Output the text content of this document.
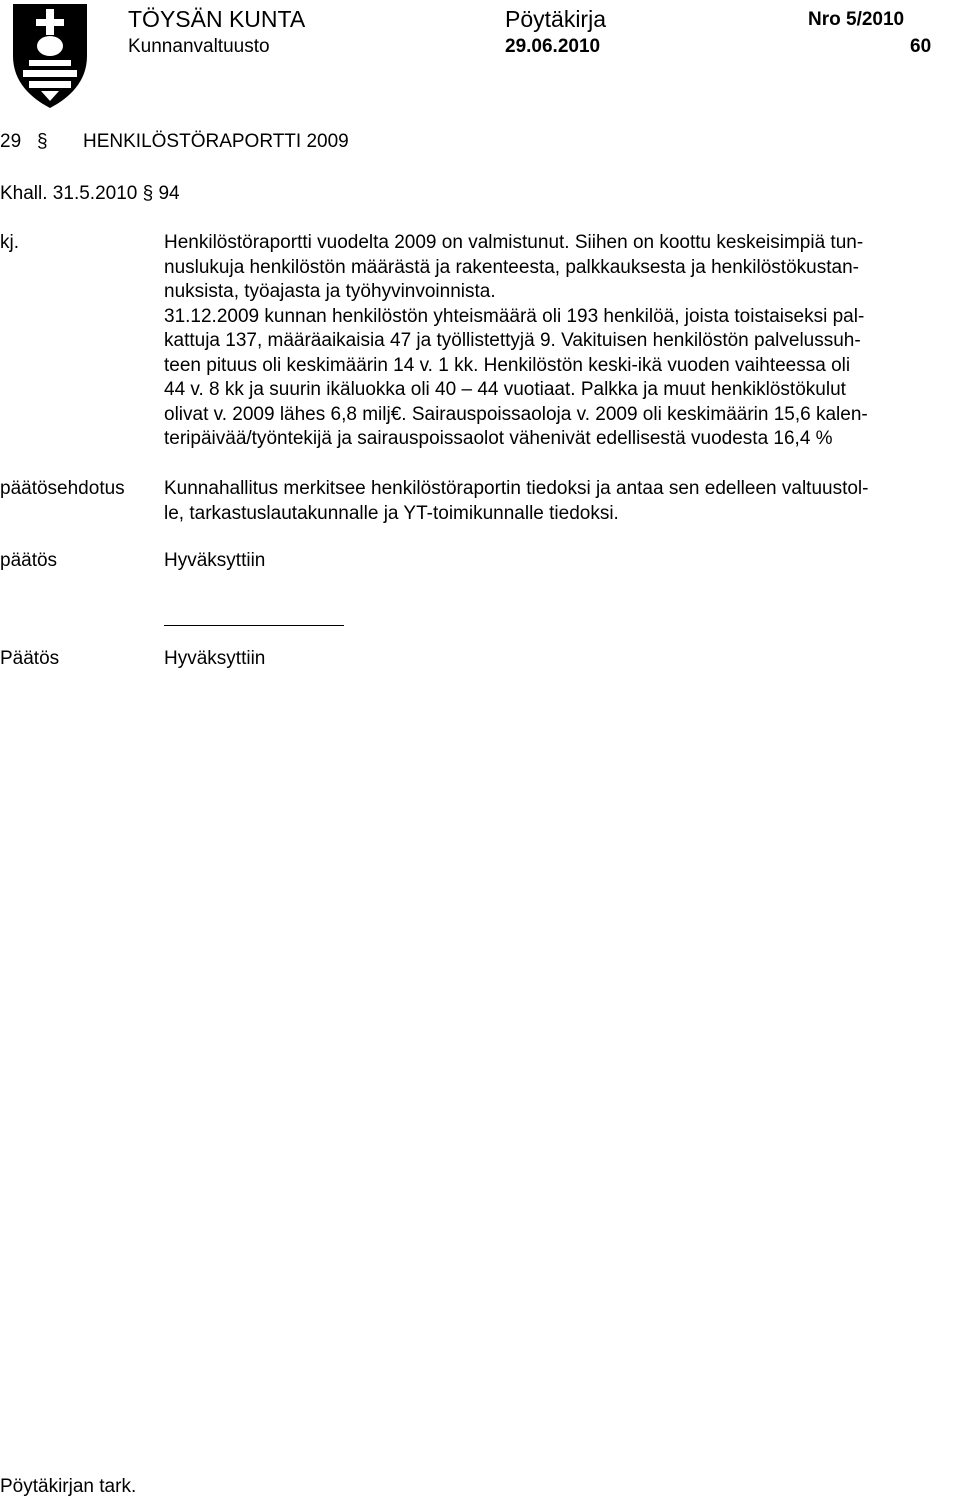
TÖYSÄN KUNTA	Pöytäkirja	Nro 5/2010
Kunnanvaltuusto	29.06.2010	60
29 § HENKILÖSTÖRAPORTTI 2009
Khall. 31.5.2010 § 94
kj.	Henkilöstöraportti vuodelta 2009 on valmistunut. Siihen on koottu keskeisimpiä tun-

nuslukuja henkilöstön määrästä ja rakenteesta, palkkauksesta ja henkilöstökustan-

nuksista, työajasta ja työhyvinvoinnista.

31.12.2009 kunnan henkilöstön yhteismäärä oli 193 henkilöä, joista toistaiseksi pal-

kattuja 137, määräaikaisia 47 ja työllistettyjä 9. Vakituisen henkilöstön palvelussuh-

teen pituus oli keskimäärin 14 v. 1 kk. Henkilöstön keski-ikä vuoden vaihteessa oli

44 v. 8 kk ja suurin ikäluokka oli 40 – 44 vuotiaat. Palkka ja muut henkiklöstökulut

olivat v. 2009 lähes 6,8 milj€. Sairauspoissaoloja v. 2009 oli keskimäärin 15,6 kalen-

teripäivää/työntekijä ja sairauspoissaolot vähenivät edellisestä vuodesta 16,4 %

päätösehdotus Kunnahallitus merkitsee henkilöstöraportin tiedoksi ja antaa sen edelleen valtuustol-

le, tarkastuslautakunnalle ja YT-toimikunnalle tiedoksi.

päätös	Hyväksyttiin
Päätös	Hyväksyttiin
Pöytäkirjan tark.
